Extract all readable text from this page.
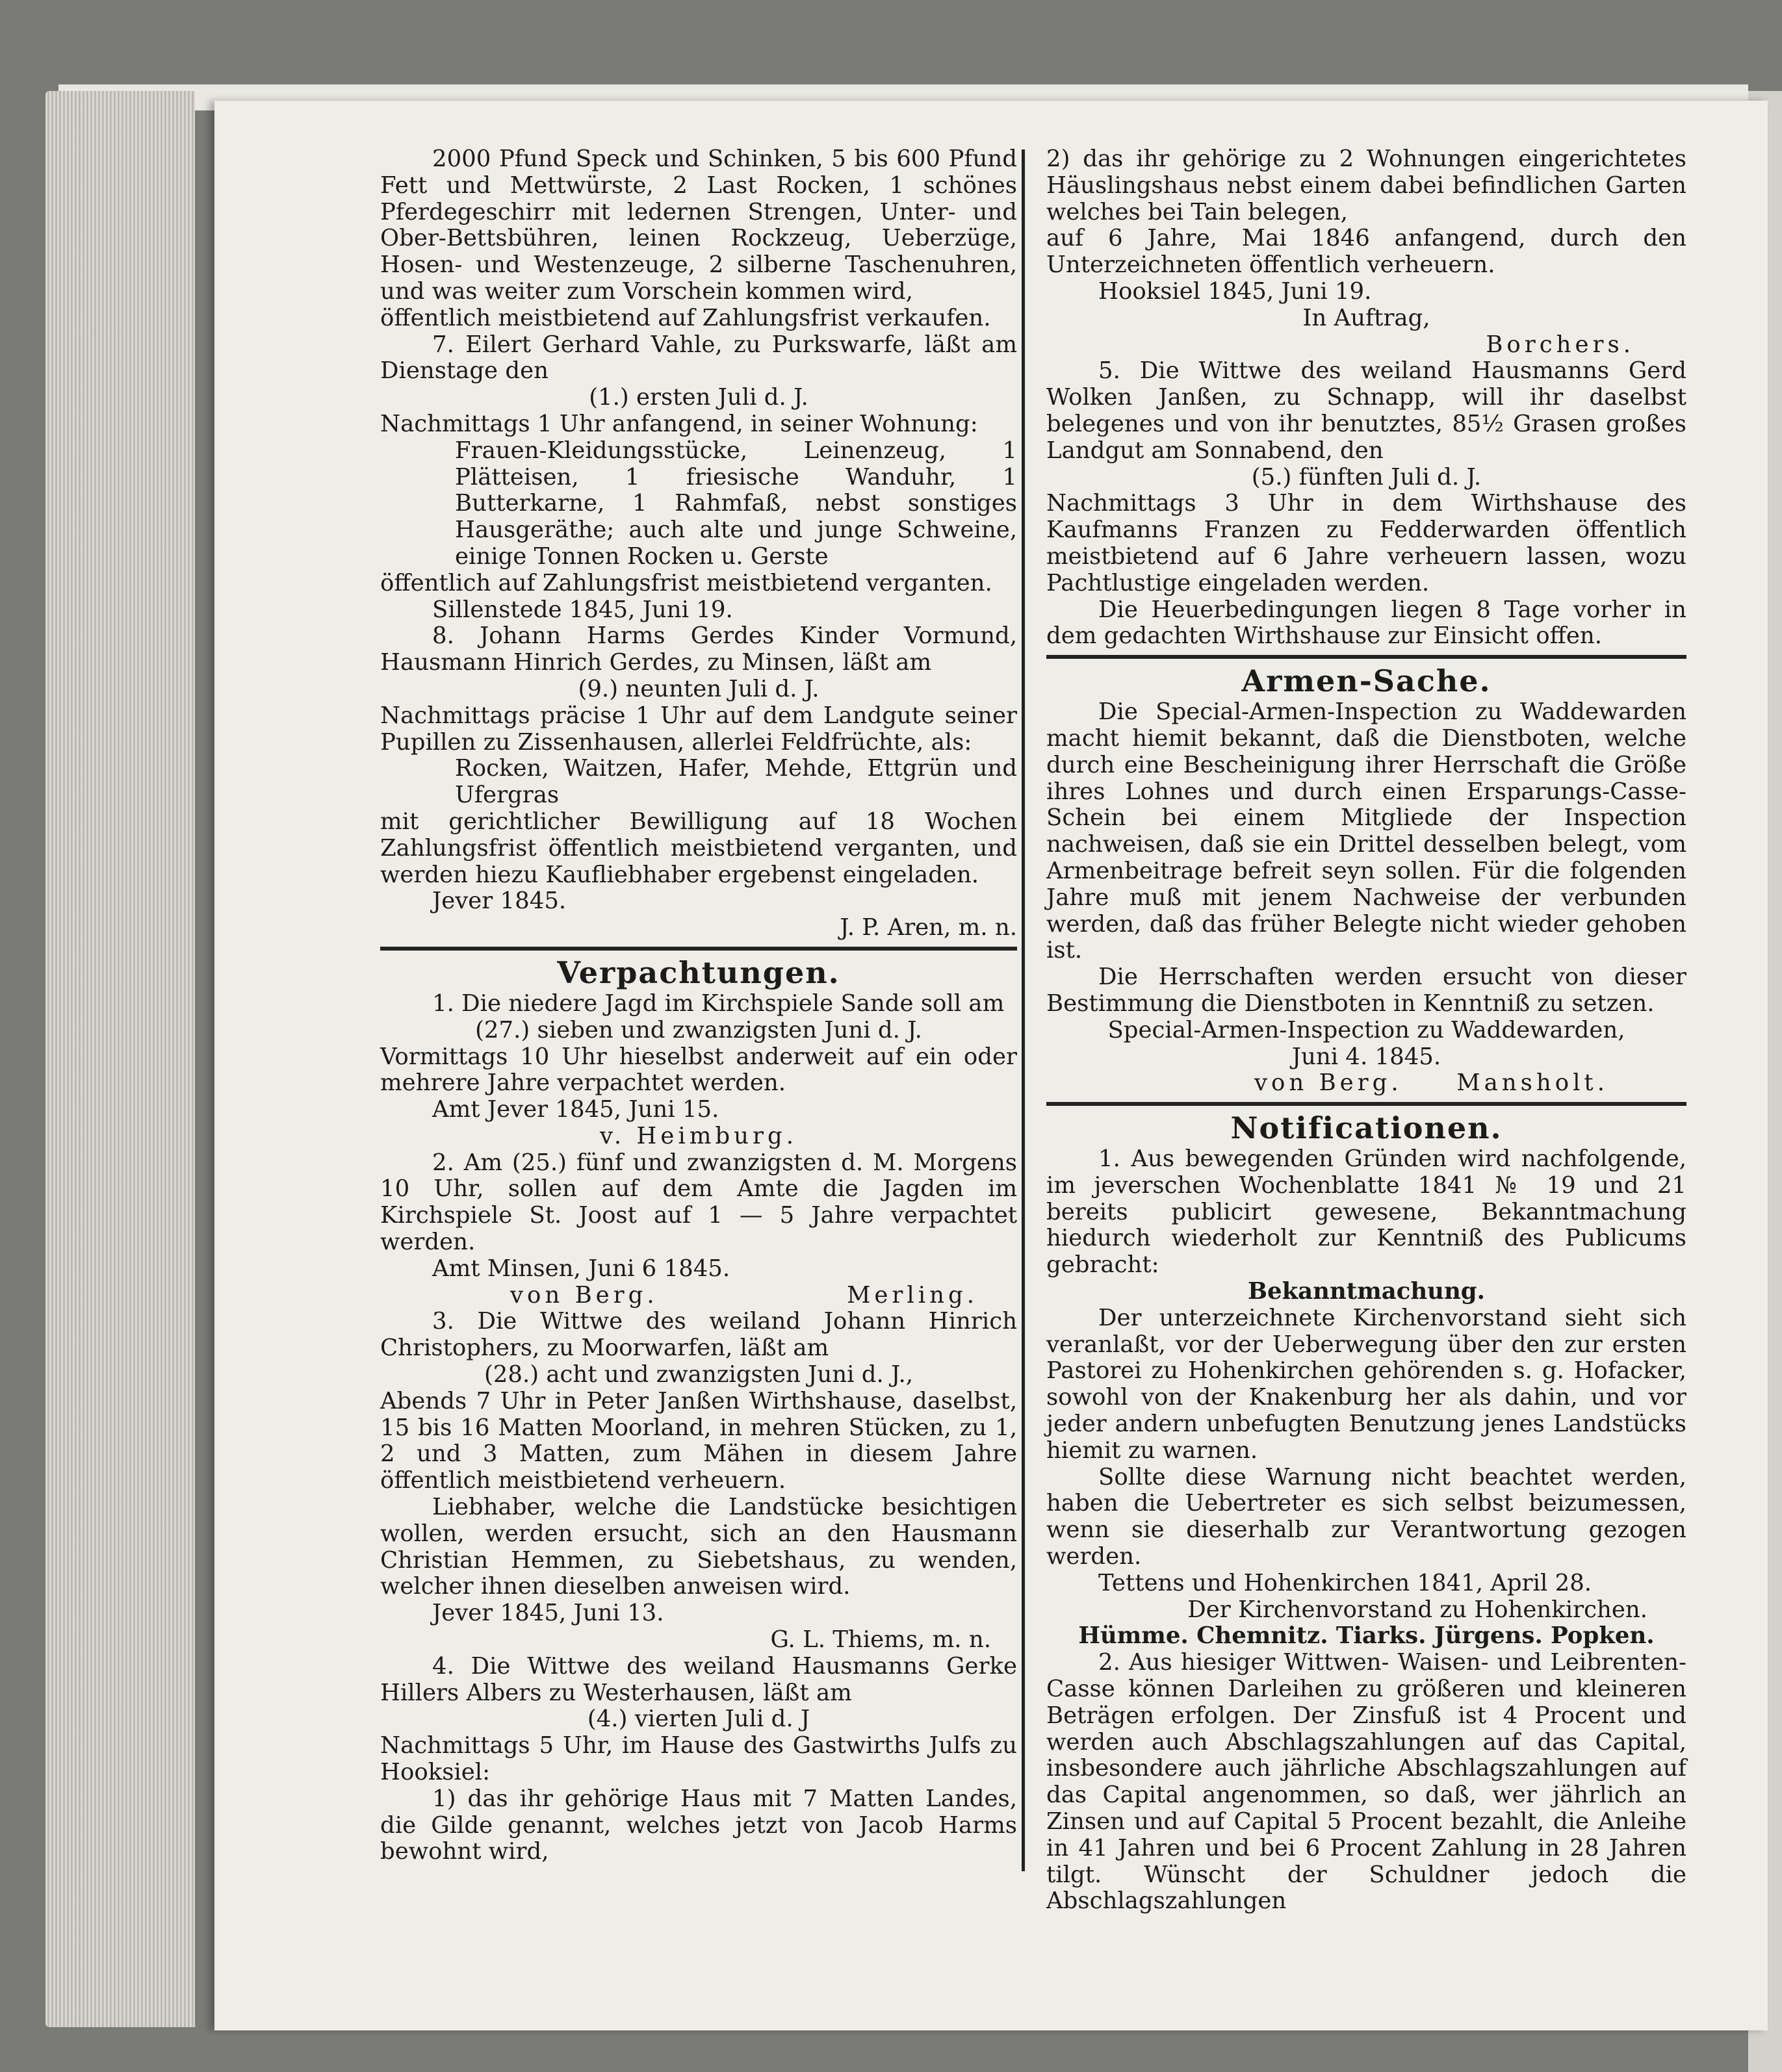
2000 Pfund Speck und Schinken, 5 bis 600 Pfund Fett und Mettwürste, 2 Last Rocken, 1 schönes Pferdegeschirr mit ledernen Strengen, Unter- und Ober-Bettsbühren, leinen Rockzeug, Ueberzüge, Hosen- und Westenzeuge, 2 silberne Taschenuhren, und was weiter zum Vorschein kommen wird,

öffentlich meistbietend auf Zahlungsfrist verkaufen.

7. Eilert Gerhard Vahle, zu Purkswarfe, läßt am Dienstage den

(1.) ersten Juli d. J.

Nachmittags 1 Uhr anfangend, in seiner Wohnung:

Frauen-Kleidungsstücke, Leinenzeug, 1 Plätteisen, 1 friesische Wanduhr, 1 Butterkarne, 1 Rahmfaß, nebst sonstiges Hausgeräthe; auch alte und junge Schweine, einige Tonnen Rocken u. Gerste

öffentlich auf Zahlungsfrist meistbietend verganten.

Sillenstede 1845, Juni 19.

8. Johann Harms Gerdes Kinder Vormund, Hausmann Hinrich Gerdes, zu Minsen, läßt am

(9.) neunten Juli d. J.

Nachmittags präcise 1 Uhr auf dem Landgute seiner Pupillen zu Zissenhausen, allerlei Feldfrüchte, als:

Rocken, Waitzen, Hafer, Mehde, Ettgrün und Ufergras

mit gerichtlicher Bewilligung auf 18 Wochen Zahlungsfrist öffentlich meistbietend verganten, und werden hiezu Kaufliebhaber ergebenst eingeladen.

Jever 1845.

J. P. Aren, m. n.

Verpachtungen.

1. Die niedere Jagd im Kirchspiele Sande soll am

(27.) sieben und zwanzigsten Juni d. J.

Vormittags 10 Uhr hieselbst anderweit auf ein oder mehrere Jahre verpachtet werden.

Amt Jever 1845, Juni 15.

v. Heimburg.

2. Am (25.) fünf und zwanzigsten d. M. Morgens 10 Uhr, sollen auf dem Amte die Jagden im Kirchspiele St. Joost auf 1 — 5 Jahre verpachtet werden.

Amt Minsen, Juni 6 1845.

von Berg.	Merling.

3. Die Wittwe des weiland Johann Hinrich Christophers, zu Moorwarfen, läßt am

(28.) acht und zwanzigsten Juni d. J.,

Abends 7 Uhr in Peter Janßen Wirthshause, daselbst, 15 bis 16 Matten Moorland, in mehren Stücken, zu 1, 2 und 3 Matten, zum Mähen in diesem Jahre öffentlich meistbietend verheuern.

Liebhaber, welche die Landstücke besichtigen wollen, werden ersucht, sich an den Hausmann Christian Hemmen, zu Siebetshaus, zu wenden, welcher ihnen dieselben anweisen wird.

Jever 1845, Juni 13.

G. L. Thiems, m. n.

4. Die Wittwe des weiland Hausmanns Gerke Hillers Albers zu Westerhausen, läßt am

(4.) vierten Juli d. J

Nachmittags 5 Uhr, im Hause des Gastwirths Julfs zu Hooksiel:

1) das ihr gehörige Haus mit 7 Matten Landes, die Gilde genannt, welches jetzt von Jacob Harms bewohnt wird,

2) das ihr gehörige zu 2 Wohnungen eingerichtetes Häuslingshaus nebst einem dabei befindlichen Garten welches bei Tain belegen,

auf 6 Jahre, Mai 1846 anfangend, durch den Unterzeichneten öffentlich verheuern.

Hooksiel 1845, Juni 19.

In Auftrag,

Borchers.

5. Die Wittwe des weiland Hausmanns Gerd Wolken Janßen, zu Schnapp, will ihr daselbst belegenes und von ihr benutztes, 85½ Grasen großes Landgut am Sonnabend, den

(5.) fünften Juli d. J.

Nachmittags 3 Uhr in dem Wirthshause des Kaufmanns Franzen zu Fedderwarden öffentlich meistbietend auf 6 Jahre verheuern lassen, wozu Pachtlustige eingeladen werden.

Die Heuerbedingungen liegen 8 Tage vorher in dem gedachten Wirthshause zur Einsicht offen.

Armen-Sache.

Die Special-Armen-Inspection zu Waddewarden macht hiemit bekannt, daß die Dienstboten, welche durch eine Bescheinigung ihrer Herrschaft die Größe ihres Lohnes und durch einen Ersparungs-Casse-Schein bei einem Mitgliede der Inspection nachweisen, daß sie ein Drittel desselben belegt, vom Armenbeitrage befreit seyn sollen. Für die folgenden Jahre muß mit jenem Nachweise der verbunden werden, daß das früher Belegte nicht wieder gehoben ist.

Die Herrschaften werden ersucht von dieser Bestimmung die Dienstboten in Kenntniß zu setzen.

Special-Armen-Inspection zu Waddewarden,

Juni 4. 1845.

von Berg. Mansholt.
Notificationen.

1. Aus bewegenden Gründen wird nachfolgende, im jeverschen Wochenblatte 1841 № 19 und 21 bereits publicirt gewesene, Bekanntmachung hiedurch wiederholt zur Kenntniß des Publicums gebracht:

Bekanntmachung.

Der unterzeichnete Kirchenvorstand sieht sich veranlaßt, vor der Ueberwegung über den zur ersten Pastorei zu Hohenkirchen gehörenden s. g. Hofacker, sowohl von der Knakenburg her als dahin, und vor jeder andern unbefugten Benutzung jenes Landstücks hiemit zu warnen.

Sollte diese Warnung nicht beachtet werden, haben die Uebertreter es sich selbst beizumessen, wenn sie dieserhalb zur Verantwortung gezogen werden.

Tettens und Hohenkirchen 1841, April 28.

Der Kirchenvorstand zu Hohenkirchen.

Hümme. Chemnitz. Tiarks. Jürgens. Popken.

2. Aus hiesiger Wittwen- Waisen- und Leibrenten-Casse können Darleihen zu größeren und kleineren Beträgen erfolgen. Der Zinsfuß ist 4 Procent und werden auch Abschlagszahlungen auf das Capital, insbesondere auch jährliche Abschlagszahlungen auf das Capital angenommen, so daß, wer jährlich an Zinsen und auf Capital 5 Procent bezahlt, die Anleihe in 41 Jahren und bei 6 Procent Zahlung in 28 Jahren tilgt. Wünscht der Schuldner jedoch die Abschlagszahlungen
